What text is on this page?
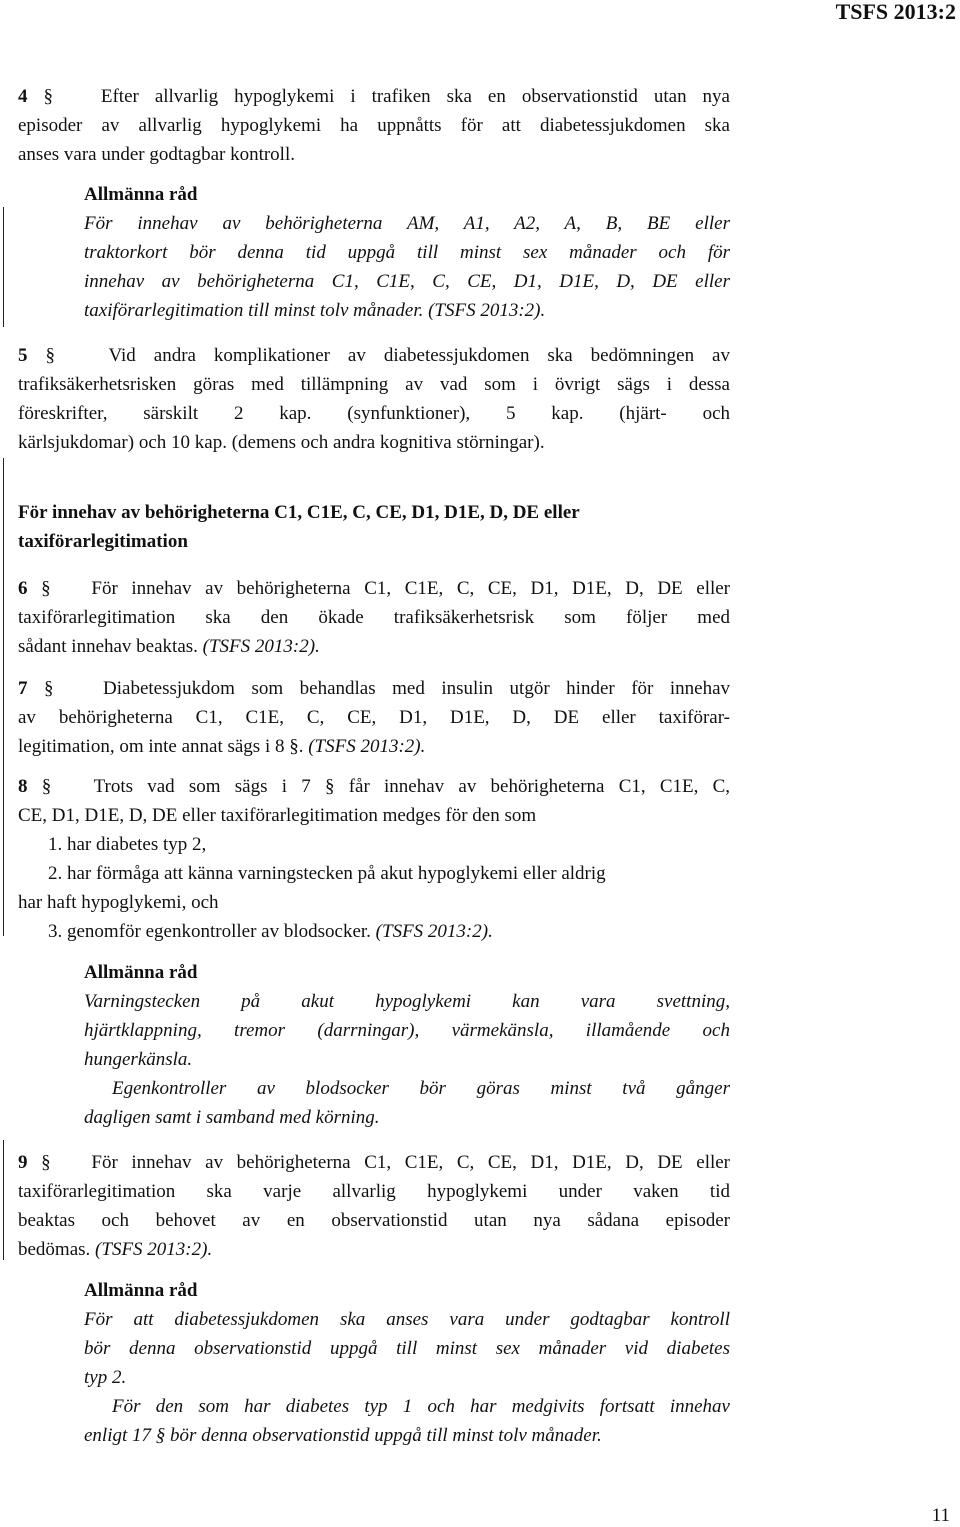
TSFS 2013:2
4 §	Efter allvarlig hypoglykemi i trafiken ska en observationstid utan nya
episoder av allvarlig hypoglykemi ha uppnåtts för att diabetessjukdomen ska
anses vara under godtagbar kontroll.
Allmänna råd
För innehav av behörigheterna AM, A1, A2, A, B, BE eller
traktorkort bör denna tid uppgå till minst sex månader och för
innehav av behörigheterna C1, C1E, C, CE, D1, D1E, D, DE eller
taxiförarlegitimation till minst tolv månader. (TSFS 2013:2).
5 §	Vid andra komplikationer av diabetessjukdomen ska bedömningen av
trafiksäkerhetsrisken göras med tillämpning av vad som i övrigt sägs i dessa
föreskrifter, särskilt 2 kap. (synfunktioner), 5 kap. (hjärt- och
kärlsjukdomar) och 10 kap. (demens och andra kognitiva störningar).
För innehav av behörigheterna C1, C1E, C, CE, D1, D1E, D, DE eller
taxiförarlegitimation
6 § För innehav av behörigheterna C1, C1E, C, CE, D1, D1E, D, DE eller
taxiförarlegitimation ska den ökade trafiksäkerhetsrisk som följer med
sådant innehav beaktas. (TSFS 2013:2).
7 §	Diabetessjukdom som behandlas med insulin utgör hinder för innehav
av behörigheterna C1, C1E, C, CE, D1, D1E, D, DE eller taxiförar-
legitimation, om inte annat sägs i 8 §. (TSFS 2013:2).
8 § Trots vad som sägs i 7 § får innehav av behörigheterna C1, C1E, C,
CE, D1, D1E, D, DE eller taxiförarlegitimation medges för den som
1. har diabetes typ 2,
2. har förmåga att känna varningstecken på akut hypoglykemi eller aldrig
har haft hypoglykemi, och
3. genomför egenkontroller av blodsocker. (TSFS 2013:2).
Allmänna råd
Varningstecken på akut hypoglykemi kan vara svettning,
hjärtklappning, tremor (darrningar), värmekänsla, illamående och
hungerkänsla.
Egenkontroller av blodsocker bör göras minst två gånger
dagligen samt i samband med körning.
9 § För innehav av behörigheterna C1, C1E, C, CE, D1, D1E, D, DE eller
taxiförarlegitimation ska varje allvarlig hypoglykemi under vaken tid
beaktas och behovet av en observationstid utan nya sådana episoder
bedömas. (TSFS 2013:2).
Allmänna råd
För att diabetessjukdomen ska anses vara under godtagbar kontroll
bör denna observationstid uppgå till minst sex månader vid diabetes
typ 2.
För den som har diabetes typ 1 och har medgivits fortsatt innehav
enligt 17 § bör denna observationstid uppgå till minst tolv månader.
11
